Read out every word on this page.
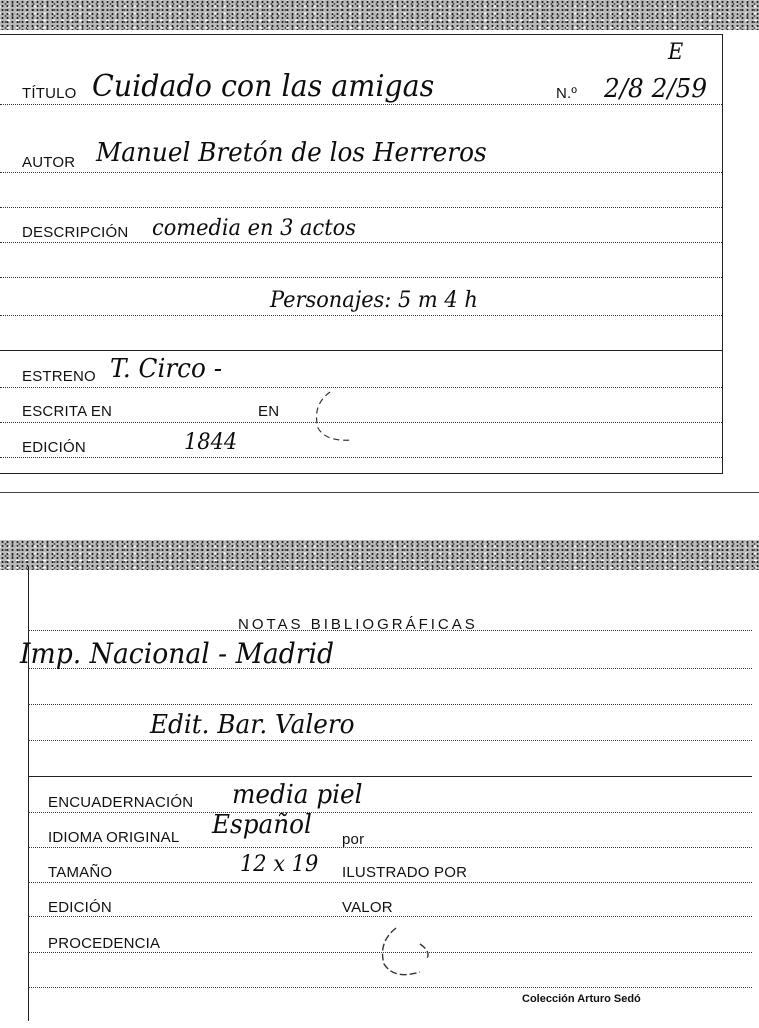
E
TÍTULO Cuidado con las amigas	N.º 2/8 2/59
AUTOR Manuel Bretón de los Herreros
DESCRIPCIÓN comedia en 3 actos
Personajes: 5 m 4 h
ESTRENO T. Circo -
ESCRITA EN	EN
EDICIÓN	1844
NOTAS BIBLIOGRÁFICAS
Imp. Nacional - Madrid
Edit. Bar. Valero
ENCUADERNACIÓN media piel
IDIOMA ORIGINAL Español por
TAMAÑO	12 x 19 ILUSTRADO POR
EDICIÓN	VALOR
PROCEDENCIA
Colección Arturo Sedó
